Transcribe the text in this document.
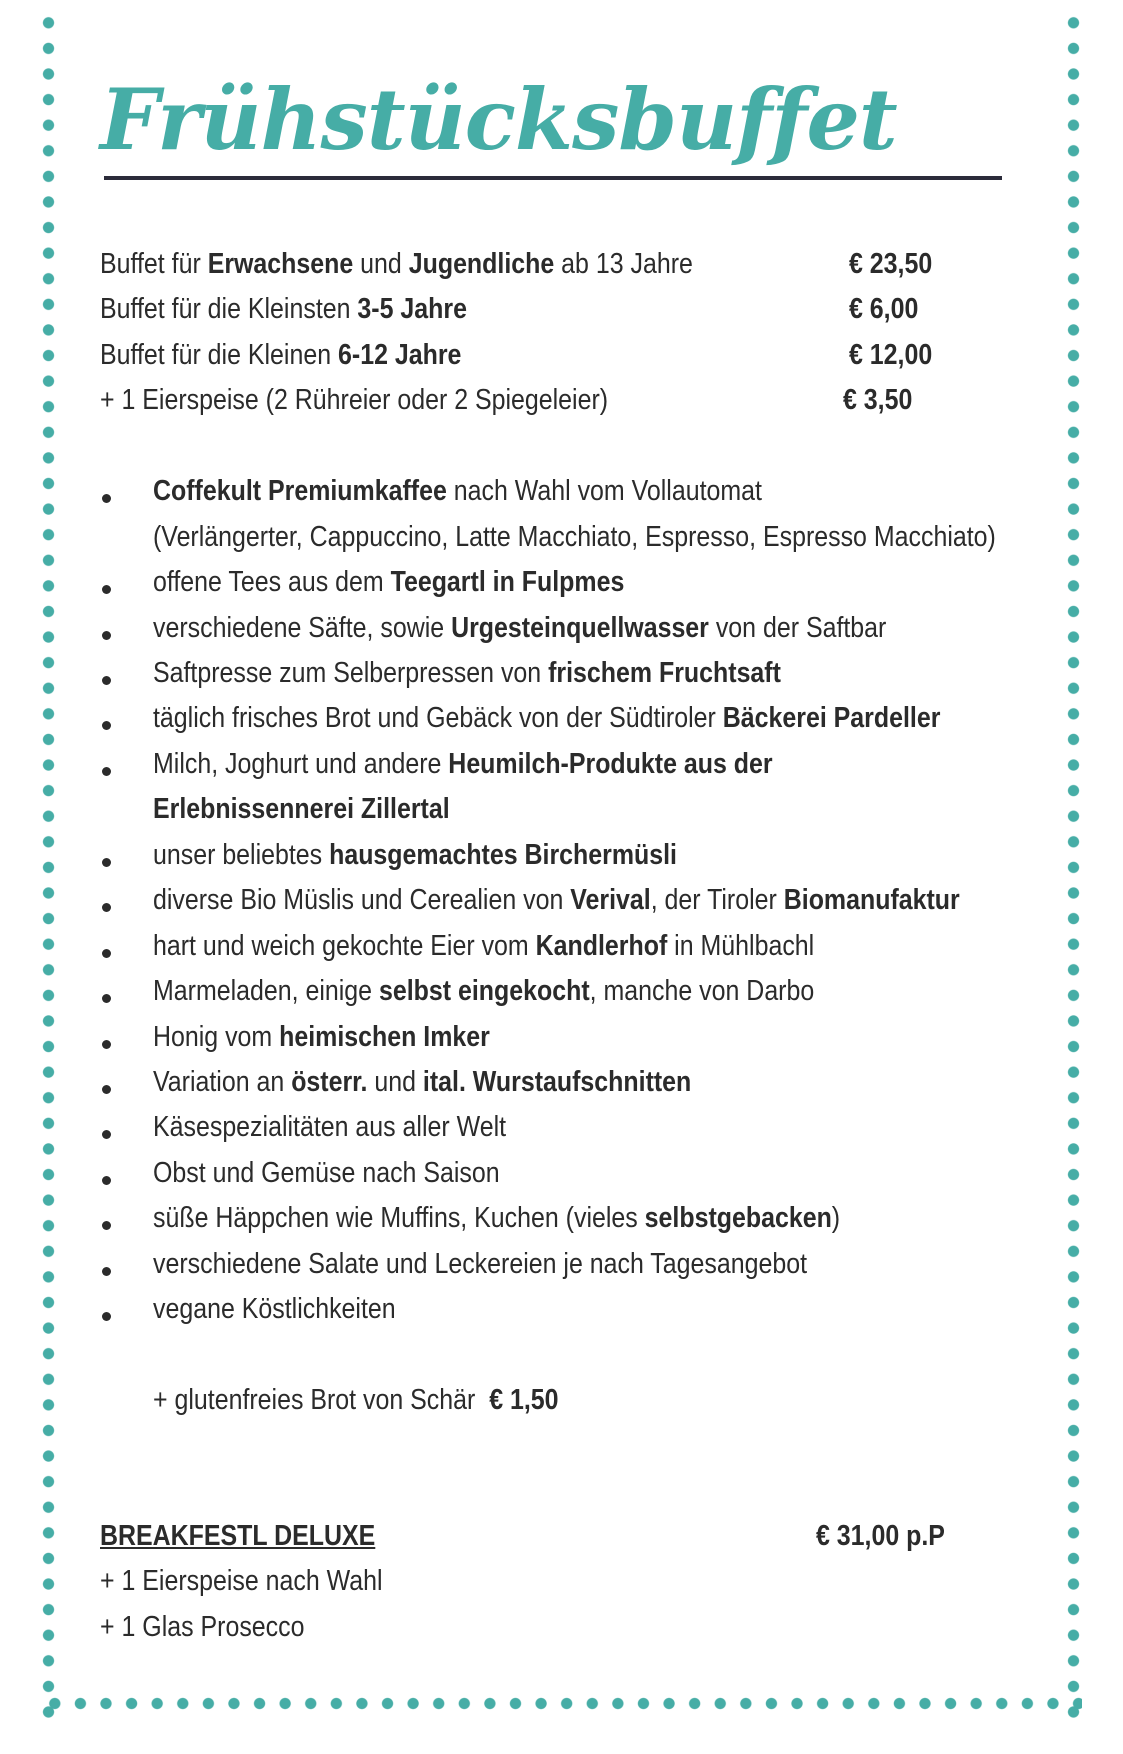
Frühstücksbuffet
Buffet für Erwachsene und Jugendliche ab 13 Jahre	€ 23,50
Buffet für die Kleinsten 3-5 Jahre	€ 6,00
Buffet für die Kleinen 6-12 Jahre	€ 12,00
+ 1 Eierspeise (2 Rühreier oder 2 Spiegeleier)	€ 3,50
Coffekult Premiumkaffee nach Wahl vom Vollautomat
(Verlängerter, Cappuccino, Latte Macchiato, Espresso, Espresso Macchiato)
offene Tees aus dem Teegartl in Fulpmes
verschiedene Säfte, sowie Urgesteinquellwasser von der Saftbar
Saftpresse zum Selberpressen von frischem Fruchtsaft
täglich frisches Brot und Gebäck von der Südtiroler Bäckerei Pardeller
Milch, Joghurt und andere Heumilch-Produkte aus der
Erlebnissennerei Zillertal
unser beliebtes hausgemachtes Birchermüsli
diverse Bio Müslis und Cerealien von Verival, der Tiroler Biomanufaktur
hart und weich gekochte Eier vom Kandlerhof in Mühlbachl
Marmeladen, einige selbst eingekocht, manche von Darbo
Honig vom heimischen Imker
Variation an österr. und ital. Wurstaufschnitten
Käsespezialitäten aus aller Welt
Obst und Gemüse nach Saison
süße Häppchen wie Muffins, Kuchen (vieles selbstgebacken)
verschiedene Salate und Leckereien je nach Tagesangebot
vegane Köstlichkeiten
+ glutenfreies Brot von Schär € 1,50
BREAKFESTL DELUXE	€ 31,00 p.P
+ 1 Eierspeise nach Wahl
+ 1 Glas Prosecco
